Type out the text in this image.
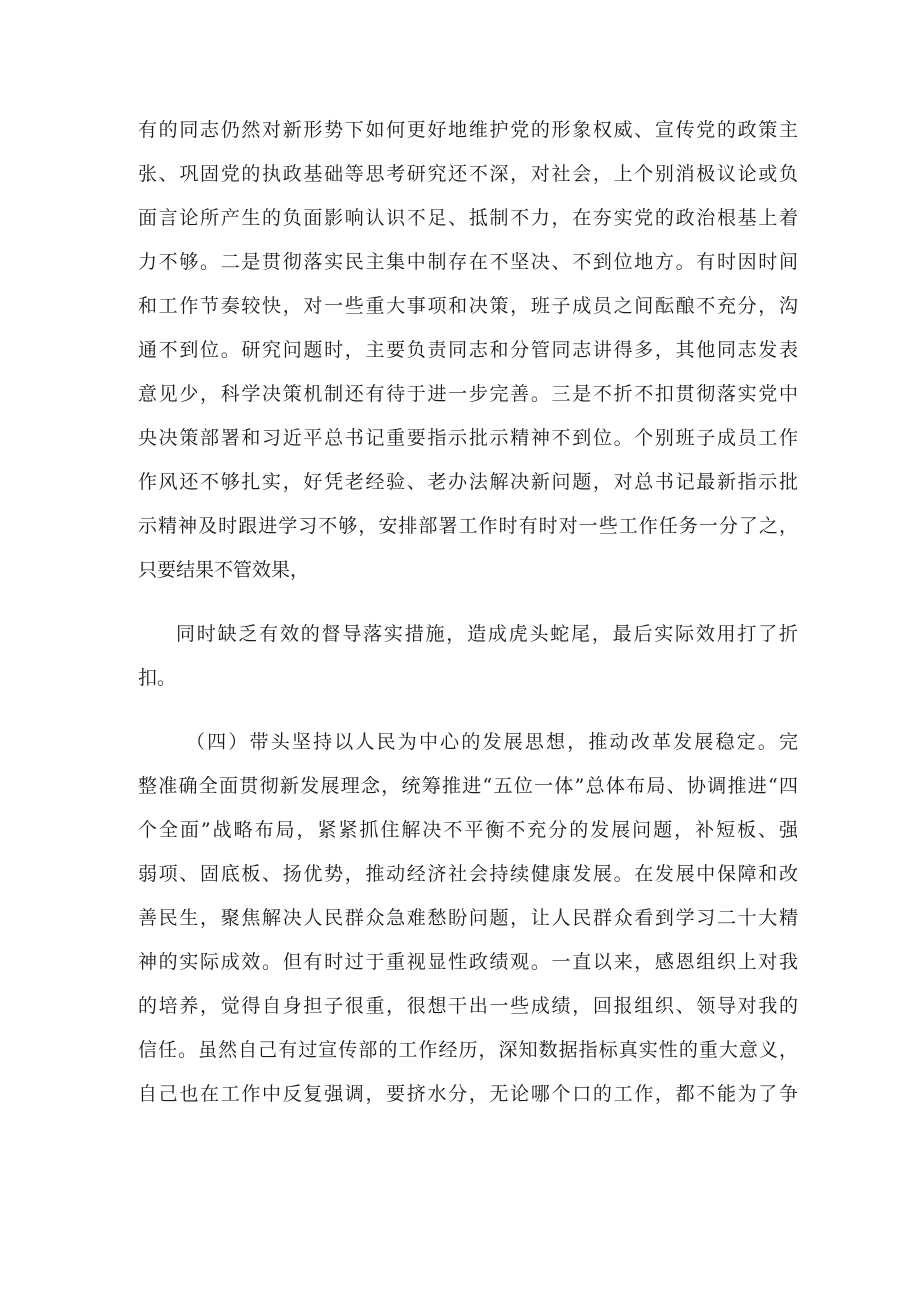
有的同志仍然对新形势下如何更好地维护党的形象权威、宣传党的政策主
张、巩固党的执政基础等思考研究还不深，对社会，上个别消极议论或负
面言论所产生的负面影响认识不足、抵制不力，在夯实党的政治根基上着
力不够。二是贯彻落实民主集中制存在不坚决、不到位地方。有时因时间
和工作节奏较快，对一些重大事项和决策，班子成员之间酝酿不充分，沟
通不到位。研究问题时，主要负责同志和分管同志讲得多，其他同志发表
意见少，科学决策机制还有待于进一步完善。三是不折不扣贯彻落实党中
央决策部署和习近平总书记重要指示批示精神不到位。个别班子成员工作
作风还不够扎实，好凭老经验、老办法解决新问题，对总书记最新指示批
示精神及时跟进学习不够，安排部署工作时有时对一些工作任务一分了之，
只要结果不管效果，
同时缺乏有效的督导落实措施，造成虎头蛇尾，最后实际效用打了折
扣。
（四）带头坚持以人民为中心的发展思想，推动改革发展稳定。完
整准确全面贯彻新发展理念，统筹推进“五位一体”总体布局、协调推进“四
个全面”战略布局，紧紧抓住解决不平衡不充分的发展问题，补短板、强
弱项、固底板、扬优势，推动经济社会持续健康发展。在发展中保障和改
善民生，聚焦解决人民群众急难愁盼问题，让人民群众看到学习二十大精
神的实际成效。但有时过于重视显性政绩观。一直以来，感恩组织上对我
的培养，觉得自身担子很重，很想干出一些成绩，回报组织、领导对我的
信任。虽然自己有过宣传部的工作经历，深知数据指标真实性的重大意义，
自己也在工作中反复强调，要挤水分，无论哪个口的工作，都不能为了争
